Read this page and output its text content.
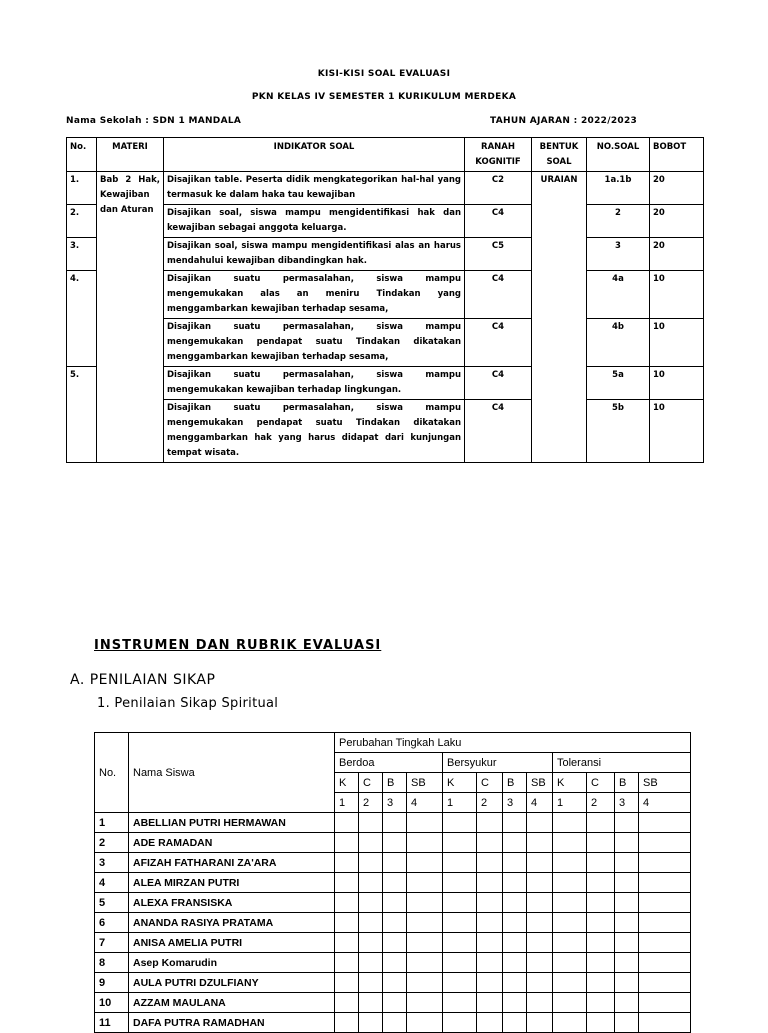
KISI-KISI SOAL EVALUASI
PKN KELAS IV SEMESTER 1 KURIKULUM MERDEKA
Nama Sekolah : SDN 1 MANDALA	TAHUN AJARAN : 2022/2023
No.	MATERI	INDIKATOR SOAL	RANAH KOGNITIF	BENTUK SOAL	NO.SOAL	BOBOT
1.	Bab 2 Hak, Kewajiban dan Aturan	Disajikan table. Peserta didik mengkategorikan hal-hal yang termasuk ke dalam haka tau kewajiban	C2	URAIAN	1a.1b	20
2.		Disajikan soal, siswa mampu mengidentifikasi hak dan kewajiban sebagai anggota keluarga.	C4		2	20
3.		Disajikan soal, siswa mampu mengidentifikasi alas an harus mendahului kewajiban dibandingkan hak.	C5		3	20
4.		Disajikan suatu permasalahan, siswa mampu mengemukakan alas an meniru Tindakan yang menggambarkan kewajiban terhadap sesama,	C4		4a	10
		Disajikan suatu permasalahan, siswa mampu mengemukakan pendapat suatu Tindakan dikatakan menggambarkan kewajiban terhadap sesama,	C4		4b	10
5.		Disajikan suatu permasalahan, siswa mampu mengemukakan kewajiban terhadap lingkungan.	C4		5a	10
		Disajikan suatu permasalahan, siswa mampu mengemukakan pendapat suatu Tindakan dikatakan menggambarkan hak yang harus didapat dari kunjungan tempat wisata.	C4		5b	10
INSTRUMEN DAN RUBRIK EVALUASI
A. PENILAIAN SIKAP
1. Penilaian Sikap Spiritual
No.	Nama Siswa	Perubahan Tingkah Laku											
		Berdoa				Bersyukur				Toleransi			
		K	C	B	SB	K	C	B	SB	K	C	B	SB
		1	2	3	4	1	2	3	4	1	2	3	4
1	ABELLIAN PUTRI HERMAWAN												
2	ADE RAMADAN												
3	AFIZAH FATHARANI ZA'ARA												
4	ALEA MIRZAN PUTRI												
5	ALEXA FRANSISKA												
6	ANANDA RASIYA PRATAMA												
7	ANISA AMELIA PUTRI												
8	Asep Komarudin												
9	AULA PUTRI DZULFIANY												
10	AZZAM MAULANA												
11	DAFA PUTRA RAMADHAN												
